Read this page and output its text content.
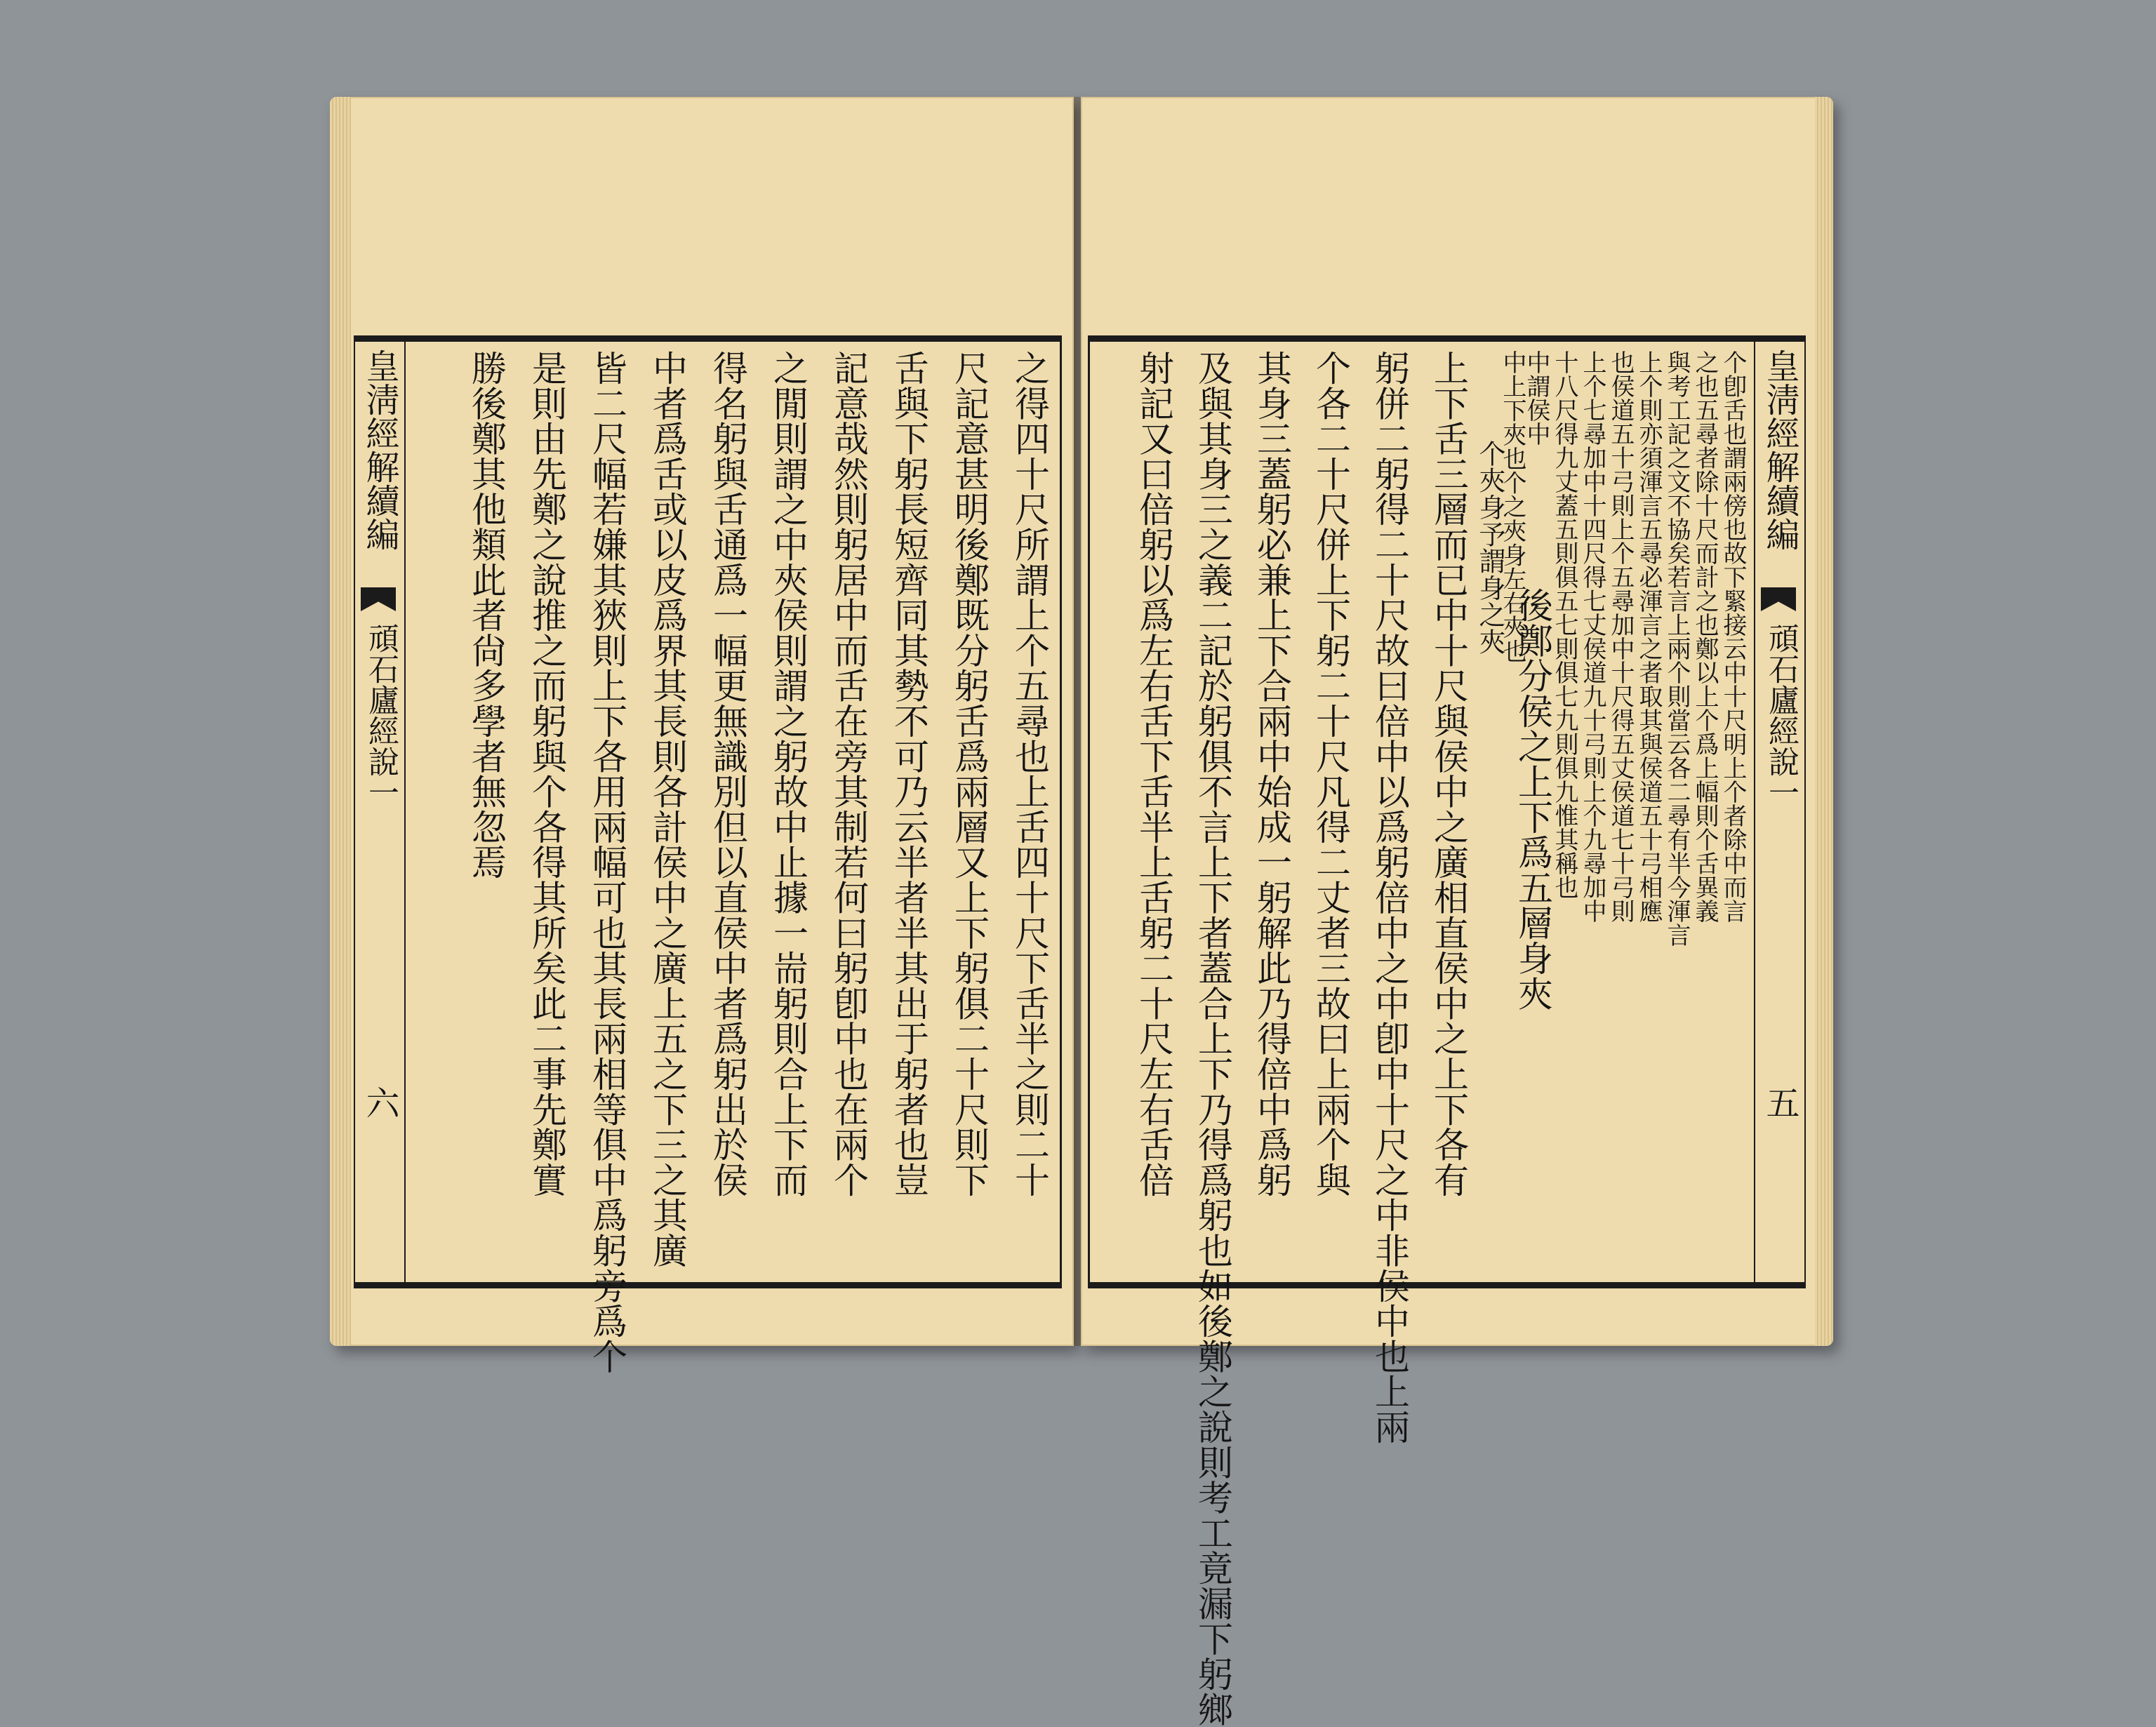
皇淸經解續編
頑石廬經說一
六	之得四十尺所謂上个五尋也上舌四十尺下舌半之則二十
尺記意甚明後鄭既分躬舌爲兩層又上下躬俱二十尺則下
舌與下躬長短齊同其勢不可乃云半者半其出于躬者也豈
記意哉然則躬居中而舌在旁其制若何曰躬卽中也在兩个
之閒則謂之中夾侯則謂之躬故中止據一耑躬則合上下而
得名躬與舌通爲一幅更無識別但以直侯中者爲躬出於侯
中者爲舌或以皮爲界其長則各計侯中之廣上五之下三之其廣
皆二尺幅若嫌其狹則上下各用兩幅可也其長兩相等俱中爲躬旁爲个
是則由先鄭之說推之而躬與个各得其所矣此二事先鄭實
勝後鄭其他類此者尙多學者無忽焉	皇淸經解續編
頑石廬經說一
五
个卽舌也謂兩傍也故下緊接云中十尺明上个者除中而言
之也五尋者除十尺而計之也鄭以上个爲上幅則个舌異義
與考工記之文不協矣若言上兩个則當云各二尋有半今渾言
上个則亦須渾言五尋必渾言之者取其與侯道五十弓相應
也侯道五十弓則上个五尋加中十尺得五丈侯道七十弓則
上个七尋加中十四尺得七丈侯道九十弓則上个九尋加中
十八尺得九丈蓋五則俱五七則俱七九則俱九惟其稱也
中謂侯中
後鄭分侯之上下爲五層身夾
中上下夾也个之夾身左右夾也
个夾身予謂身之夾
上下舌三層而已中十尺與侯中之廣相直侯中之上下各有
躬併二躬得二十尺故曰倍中以爲躬倍中之中卽中十尺之中非侯中也上兩
个各二十尺併上下躬二十尺凡得二丈者三故曰上兩个與
其身三蓋躬必兼上下合兩中始成一躬解此乃得倍中爲躬
及與其身三之義二記於躬俱不言上下者蓋合上下乃得爲躬也如後鄭之說則考工竟漏下躬鄉
射記又曰倍躬以爲左右舌下舌半上舌躬二十尺左右舌倍
